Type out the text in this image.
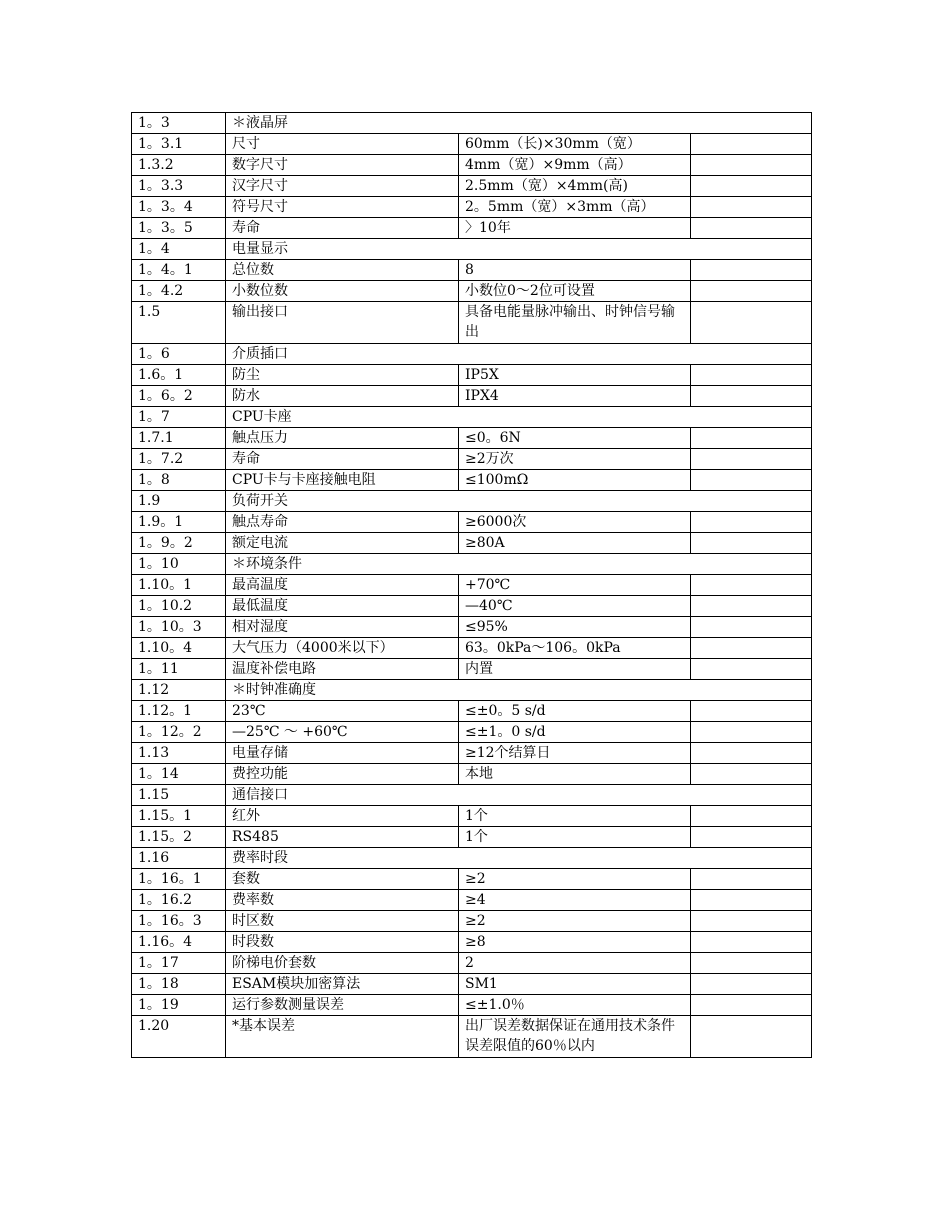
1。3	＊液晶屏		
1。3.1	尺寸	60mm（长)×30mm（宽）	
1.3.2	数字尺寸	4mm（宽）×9mm（高）	
1。3.3	汉字尺寸	2.5mm（宽）×4mm(高)	
1。3。4	符号尺寸	2。5mm（宽）×3mm（高）	
1。3。5	寿命	〉10年	
1。4	电量显示		
1。4。1	总位数	8	
1。4.2	小数位数	小数位0～2位可设置	
1.5	输出接口	具备电能量脉冲输出、时钟信号输出	
1。6	介质插口		
1.6。1	防尘	IP5X	
1。6。2	防水	IPX4	
1。7	CPU卡座		
1.7.1	触点压力	≤0。6N	
1。7.2	寿命	≥2万次	
1。8	CPU卡与卡座接触电阻	≤100mΩ	
1.9	负荷开关		
1.9。1	触点寿命	≥6000次	
1。9。2	额定电流	≥80A	
1。10	＊环境条件		
1.10。1	最高温度	+70℃	
1。10.2	最低温度	—40℃	
1。10。3	相对湿度	≤95%	
1.10。4	大气压力（4000米以下）	63。0kPa～106。0kPa	
1。11	温度补偿电路	内置	
1.12	＊时钟准确度		
1.12。1	23℃	≤±0。5 s/d	
1。12。2	—25℃ ～ +60℃	≤±1。0 s/d	
1.13	电量存储	≥12个结算日	
1。14	费控功能	本地	
1.15	通信接口		
1.15。1	红外	1个	
1.15。2	RS485	1个	
1.16	费率时段		
1。16。1	套数	≥2	
1。16.2	费率数	≥4	
1。16。3	时区数	≥2	
1.16。4	时段数	≥8	
1。17	阶梯电价套数	2	
1。18	ESAM模块加密算法	SM1	
1。19	运行参数测量误差	≤±1.0％	
1.20	*基本误差	出厂误差数据保证在通用技术条件误差限值的60％以内	
